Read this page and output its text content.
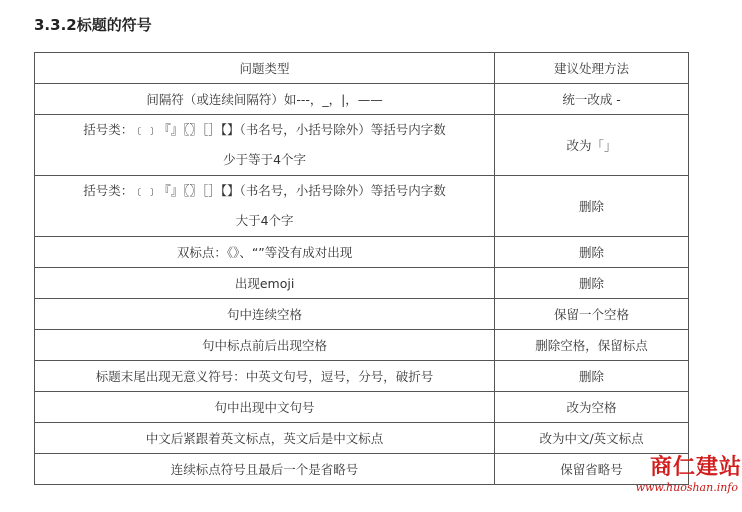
3.3.2标题的符号
问题类型	建议处理方法

间隔符（或连续间隔符）如---，_，|，——	统一改成 -

括号类：﹝﹞『』〖〗［］【】（书名号，小括号除外）等括号内字数
少于等于4个字	改为「」

括号类：﹝﹞『』〖〗［］【】（书名号，小括号除外）等括号内字数
大于4个字	删除

双标点：《》、“”等没有成对出现	删除

出现emoji	删除

句中连续空格	保留一个空格

句中标点前后出现空格	删除空格，保留标点

标题末尾出现无意义符号：中英文句号，逗号，分号，破折号	删除

句中出现中文句号	改为空格

中文后紧跟着英文标点，英文后是中文标点	改为中文/英文标点

连续标点符号且最后一个是省略号	保留省略号	商仁建站
www.huoshan.info
